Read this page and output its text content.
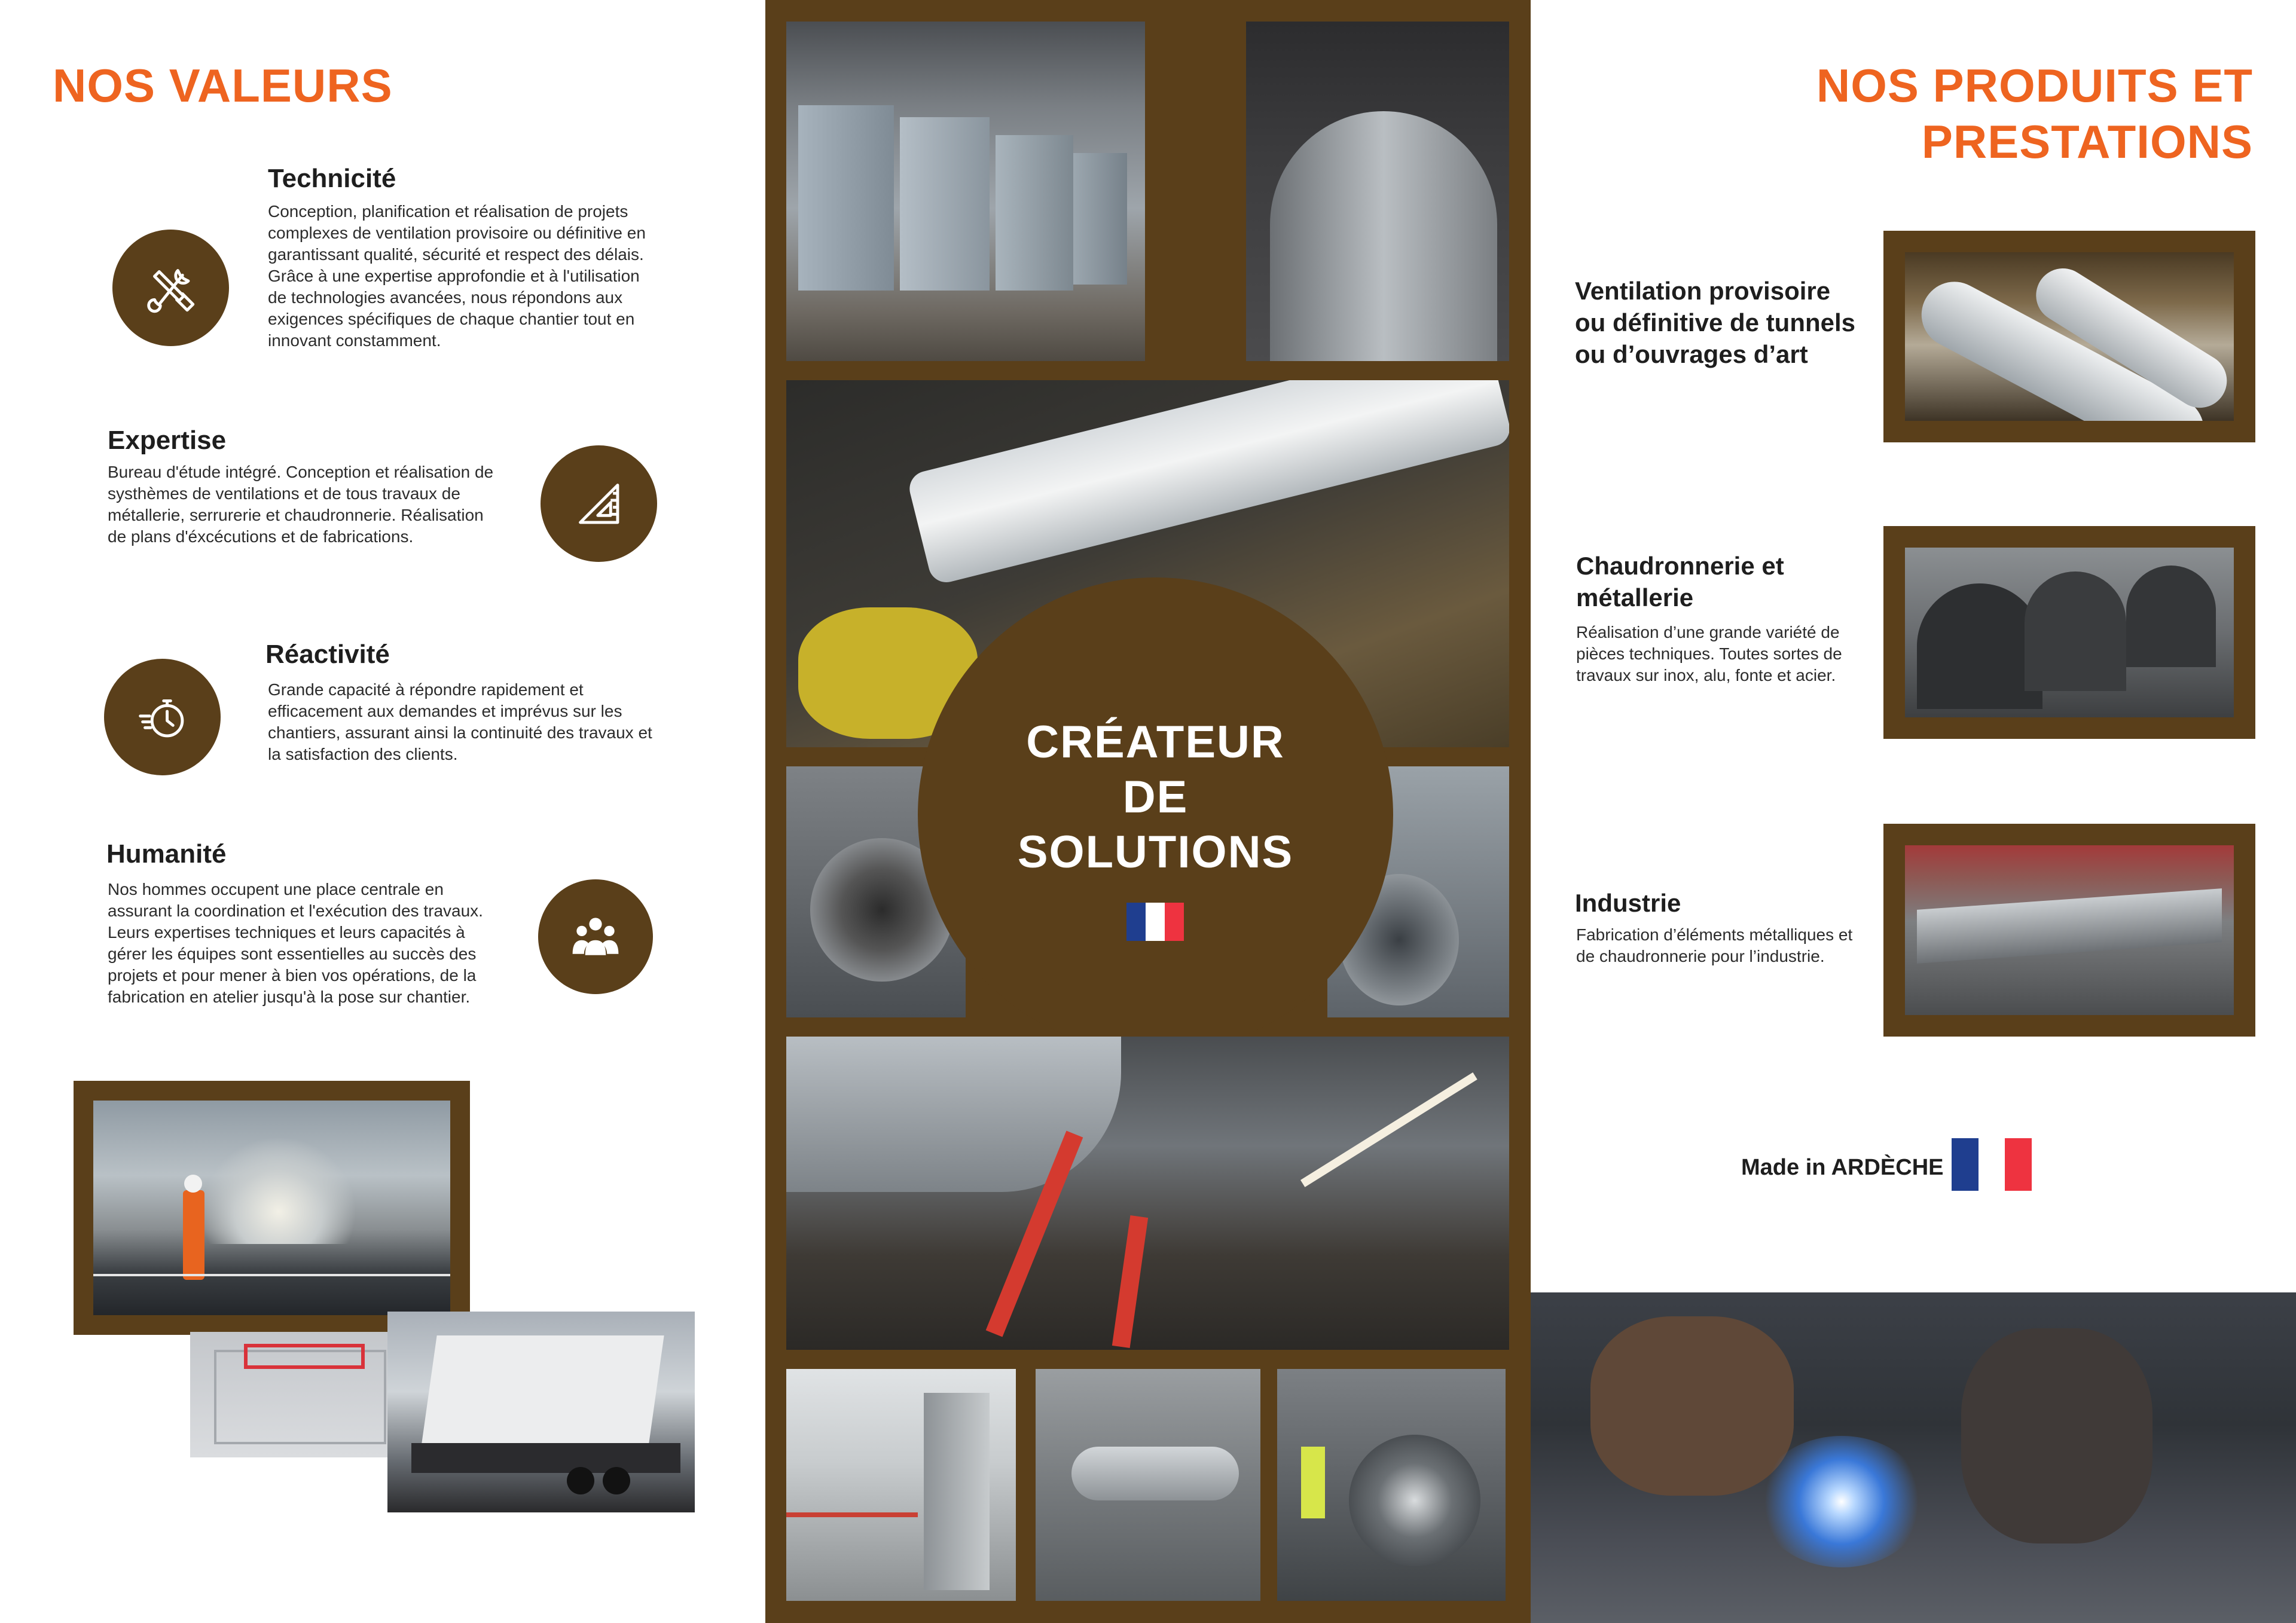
NOS VALEURS
Technicité
Conception, planification et réalisation de projets complexes de ventilation provisoire ou définitive en garantissant qualité, sécurité et respect des délais. Grâce à une expertise approfondie et à l'utilisation de technologies avancées, nous répondons aux exigences spécifiques de chaque chantier tout en innovant constamment.
Expertise
Bureau d'étude intégré. Conception et réalisation de systhèmes de ventilations et de tous travaux de métallerie, serrurerie et chaudronnerie. Réalisation de plans d'éxcécutions et de fabrications.
Réactivité
Grande capacité à répondre rapidement et efficacement aux demandes et imprévus sur les chantiers, assurant ainsi la continuité des travaux et la satisfaction des clients.
Humanité
Nos hommes occupent une place centrale en assurant la coordination et l'exécution des travaux. Leurs expertises techniques et leurs capacités à gérer les équipes sont essentielles au succès des projets et pour mener à bien vos opérations, de la fabrication en atelier jusqu'à la pose sur chantier.
CRÉATEUR
DE
SOLUTIONS
NOS PRODUITS ET
PRESTATIONS
Ventilation provisoire ou définitive de tunnels ou d’ouvrages d’art
Chaudronnerie et métallerie
Réalisation d’une grande variété de pièces techniques. Toutes sortes de travaux sur inox, alu, fonte et acier.
Industrie
Fabrication d’éléments métalliques et de chaudronnerie pour l’industrie.
Made in ARDÈCHE
